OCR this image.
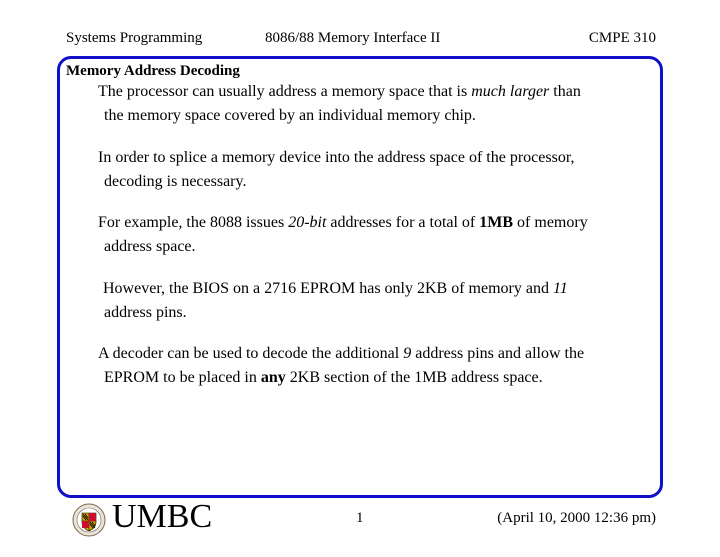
Systems Programming	8086/88 Memory Interface II	CMPE 310
Memory Address Decoding
The processor can usually address a memory space that is much larger than
the memory space covered by an individual memory chip.
In order to splice a memory device into the address space of the processor,
decoding is necessary.
For example, the 8088 issues 20-bit addresses for a total of 1MB of memory
address space.
However, the BIOS on a 2716 EPROM has only 2KB of memory and 11
address pins.
A decoder can be used to decode the additional 9 address pins and allow the
EPROM to be placed in any 2KB section of the 1MB address space.
UMBC	1	(April 10, 2000 12:36 pm)
